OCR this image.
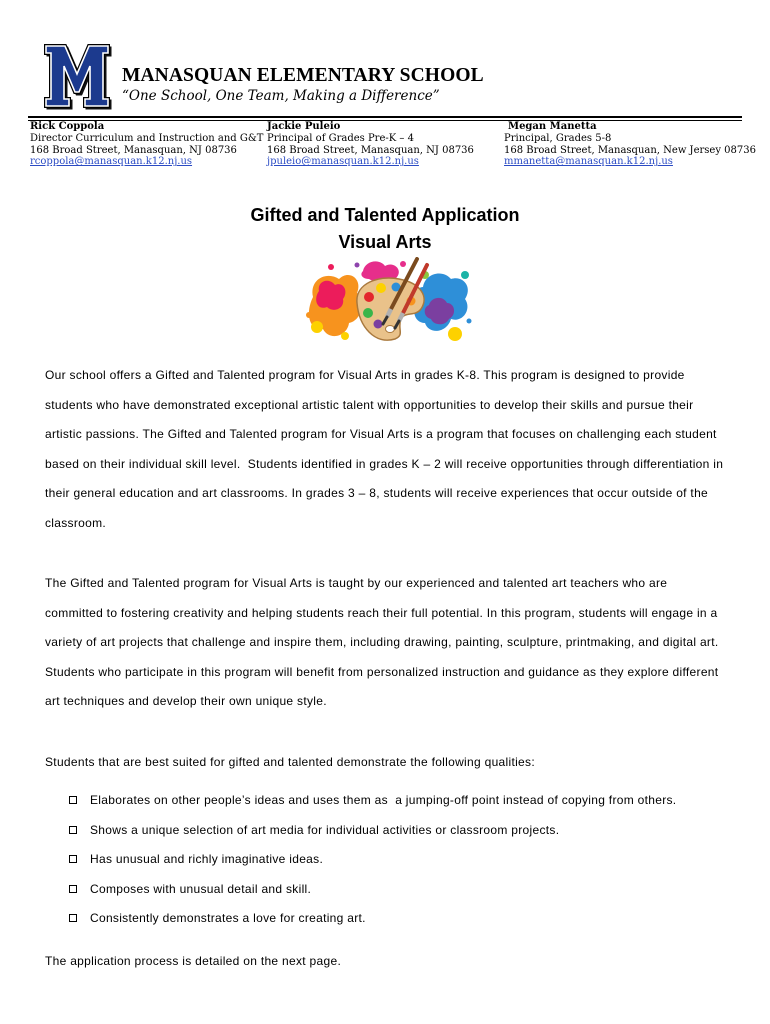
MANASQUAN ELEMENTARY SCHOOL
“One School, One Team, Making a Difference”
Rick Coppola
Director Curriculum and Instruction and G&T
168 Broad Street, Manasquan, NJ 08736
rcoppola@manasquan.k12.nj.us
Jackie Puleio
Principal of Grades Pre-K – 4
168 Broad Street, Manasquan, NJ 08736
jpuleio@manasquan.k12.nj.us
Megan Manetta
Principal, Grades 5-8
168 Broad Street, Manasquan, New Jersey 08736
mmanetta@manasquan.k12.nj.us
Gifted and Talented Application
Visual Arts
Our school offers a Gifted and Talented program for Visual Arts in grades K-8. This program is designed to provide
students who have demonstrated exceptional artistic talent with opportunities to develop their skills and pursue their
artistic passions. The Gifted and Talented program for Visual Arts is a program that focuses on challenging each student
based on their individual skill level.  Students identified in grades K – 2 will receive opportunities through differentiation in
their general education and art classrooms. In grades 3 – 8, students will receive experiences that occur outside of the
classroom.
The Gifted and Talented program for Visual Arts is taught by our experienced and talented art teachers who are
committed to fostering creativity and helping students reach their full potential. In this program, students will engage in a
variety of art projects that challenge and inspire them, including drawing, painting, sculpture, printmaking, and digital art.
Students who participate in this program will benefit from personalized instruction and guidance as they explore different
art techniques and develop their own unique style.
Students that are best suited for gifted and talented demonstrate the following qualities:
Elaborates on other people’s ideas and uses them as  a jumping-off point instead of copying from others.
Shows a unique selection of art media for individual activities or classroom projects.
Has unusual and richly imaginative ideas.
Composes with unusual detail and skill.
Consistently demonstrates a love for creating art.
The application process is detailed on the next page.
